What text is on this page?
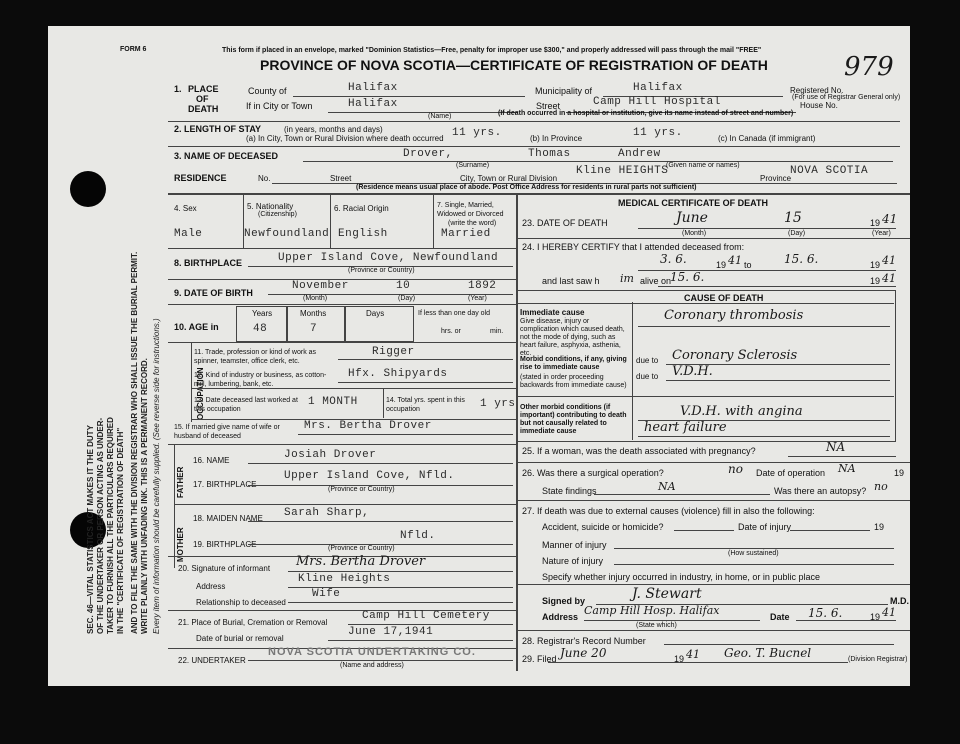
SEC. 46—VITAL STATISTICS ACT MAKES IT THE DUTY OF THE UNDERTAKER OR PERSON ACTING AS UNDER- TAKER TO FURNISH ALL THE PARTICULARS REQUIRED IN THE "CERTIFICATE OF REGISTRATION OF DEATH" AND TO FILE THE SAME WITH THE DIVISION REGISTRAR WHO SHALL ISSUE THE BURIAL PERMIT. WRITE PLAINLY WITH UNFADING INK. THIS IS A PERMANENT RECORD. Every item of information should be carefully supplied. (See reverse side for instructions.)
FORM 6	This form if placed in an envelope, marked "Dominion Statistics—Free, penalty for improper use $300," and properly addressed will pass through the mail "FREE"
PROVINCE OF NOVA SCOTIA—CERTIFICATE OF REGISTRATION OF DEATH	979
1. PLACE
OF
DEATH
County of	Halifax	Municipality of	Halifax	Registered No.
(For use of Registrar General only)
If in City or Town	Halifax
(Name)
Street	Camp Hill Hospital	House No.
(If death occurred in a hospital or institution, give its name instead of street and number)
2. LENGTH OF STAY	(in years, months and days)
(a) In City, Town or Rural Division where death occurred 11 yrs.	(b) In Province	11 yrs.	(c) In Canada (if immigrant)
3. NAME OF DECEASED	Drover,	Thomas	Andrew
(Surname)	(Given name or names)
RESIDENCE	No.	Street	City, Town or Rural Division
Kline HEIGHTS
Province
NOVA SCOTIA
(Residence means usual place of abode. Post Office Address for residents in rural parts not sufficient)
4. Sex
Male
5. Nationality
(Citizenship)
Newfoundland
6. Racial Origin
English
7. Single, Married, Widowed or Divorced
(write the word)
Married
8. BIRTHPLACE	Upper Island Cove, Newfoundland
(Province or Country)
9. DATE OF BIRTH
November	10	1892
(Month)	(Day)	(Year)
10. AGE in
Years	Months	Days
48	7
If less than one day old
hrs. or	min.
OCCUPATION
11. Trade, profession or kind of work as spinner, teamster, office clerk, etc.
Rigger
12. Kind of industry or business, as cotton-mill, lumbering, bank, etc.
Hfx. Shipyards
13. Date deceased last worked at this occupation
1 MONTH	14. Total yrs. spent in this occupation	1 yrs
15. If married give name of wife or husband of deceased
Mrs. Bertha Drover
FATHER
MOTHER
16. NAME	Josiah Drover
17. BIRTHPLACE
Upper Island Cove, Nfld.
(Province or Country)
18. MAIDEN NAME Sarah Sharp,
19. BIRTHPLACE
Nfld.
(Province or Country)
20. Signature of informant Mrs. Bertha Drover
Address
Kline Heights
Relationship to deceased
Wife
21. Place of Burial, Cremation or Removal
Camp Hill Cemetery
Date of burial or removal
June 17,1941
22. UNDERTAKER
NOVA SCOTIA UNDERTAKING CO.
(Name and address)
MEDICAL CERTIFICATE OF DEATH
23. DATE OF DEATH	June	15	19 41
(Month)	(Day)	(Year)
24. I HEREBY CERTIFY that I attended deceased from:
3. 6.	19 41 to	15. 6.	19 41
and last saw h im alive on
15. 6.	19 41
CAUSE OF DEATH
Immediate cause
Give disease, injury or complication which caused death, not the mode of dying, such as heart failure, asphyxia, asthenia, etc.
Coronary thrombosis
Morbid conditions, if any, giving rise to immediate cause
(stated in order proceeding backwards from immediate cause)
due to Coronary Sclerosis
due to V.D.H.
Other morbid conditions (if important) contributing to death but not causally related to immediate cause
V.D.H. with angina
heart failure
25. If a woman, was the death associated with pregnancy?	NA
26. Was there a surgical operation?	no Date of operation NA	19
State findings	NA	Was there an autopsy? no
27. If death was due to external causes (violence) fill in also the following:
Accident, suicide or homicide?	Date of injury	19
Manner of injury
(How sustained)
Nature of injury
Specify whether injury occurred in industry, in home, or in public place
Signed by	J. Stewart	M.D.
Address Camp Hill Hosp. Halifax
(State which)
Date 15. 6.	19 41
28. Registrar's Record Number
29. Filed June 20	19 41 Geo. T. Bucnel	(Division Registrar)
